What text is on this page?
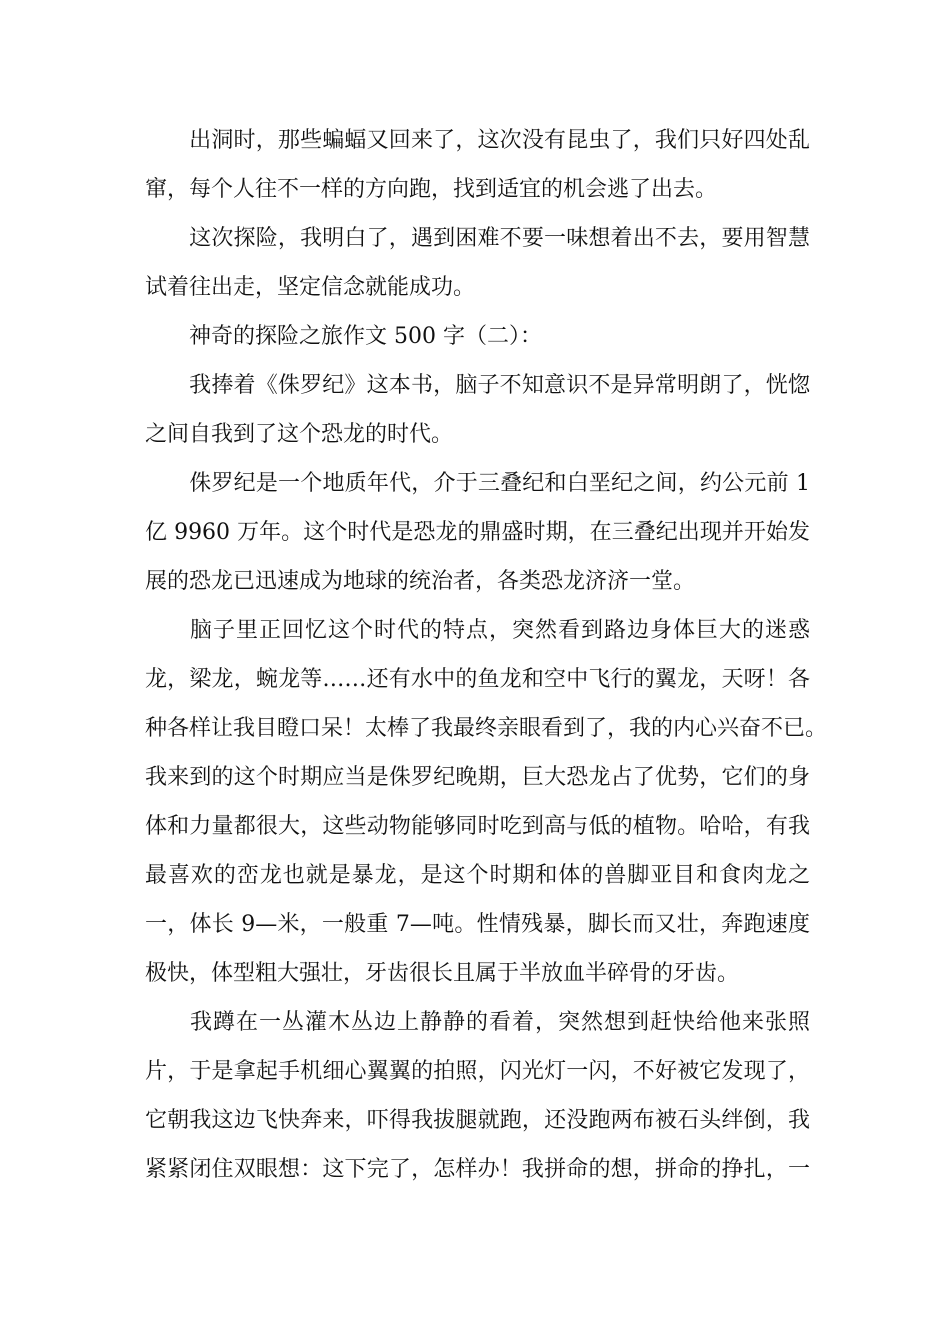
出洞时，那些蝙蝠又回来了，这次没有昆虫了，我们只好四处乱
窜，每个人往不一样的方向跑，找到适宜的机会逃了出去。
这次探险，我明白了，遇到困难不要一味想着出不去，要用智慧
试着往出走，坚定信念就能成功。
神奇的探险之旅作文 500 字（二）：
我捧着《侏罗纪》这本书，脑子不知意识不是异常明朗了，恍惚
之间自我到了这个恐龙的时代。
侏罗纪是一个地质年代，介于三叠纪和白垩纪之间，约公元前 1
亿 9960 万年。这个时代是恐龙的鼎盛时期，在三叠纪出现并开始发
展的恐龙已迅速成为地球的统治者，各类恐龙济济一堂。
脑子里正回忆这个时代的特点，突然看到路边身体巨大的迷惑
龙，梁龙，蜿龙等……还有水中的鱼龙和空中飞行的翼龙，天呀！各
种各样让我目瞪口呆！太棒了我最终亲眼看到了，我的内心兴奋不已。
我来到的这个时期应当是侏罗纪晚期，巨大恐龙占了优势，它们的身
体和力量都很大，这些动物能够同时吃到高与低的植物。哈哈，有我
最喜欢的峦龙也就是暴龙，是这个时期和体的兽脚亚目和食肉龙之
一，体长 9—米，一般重 7—吨。性情残暴，脚长而又壮，奔跑速度
极快，体型粗大强壮，牙齿很长且属于半放血半碎骨的牙齿。
我蹲在一丛灌木丛边上静静的看着，突然想到赶快给他来张照
片，于是拿起手机细心翼翼的拍照，闪光灯一闪，不好被它发现了，
它朝我这边飞快奔来，吓得我拔腿就跑，还没跑两布被石头绊倒，我
紧紧闭住双眼想：这下完了，怎样办！我拼命的想，拼命的挣扎，一
